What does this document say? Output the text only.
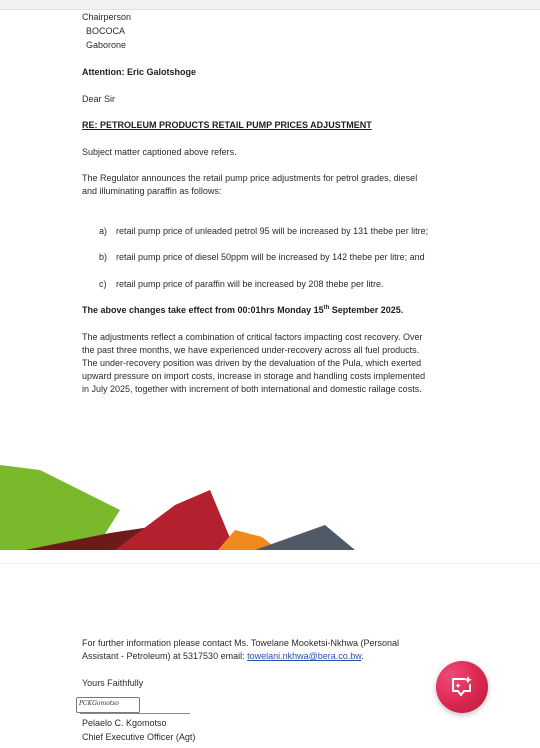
Chairperson
BOCOCA
Gaborone
Attention: Eric Galotshoge
Dear Sir
RE: PETROLEUM PRODUCTS RETAIL PUMP PRICES ADJUSTMENT
Subject matter captioned above refers.
The Regulator announces the retail pump price adjustments for petrol grades, diesel
and illuminating paraffin as follows:
a) retail pump price of unleaded petrol 95 will be increased by 131 thebe per litre;
b) retail pump price of diesel 50ppm will be increased by 142 thebe per litre; and
c) retail pump price of paraffin will be increased by 208 thebe per litre.
The above changes take effect from 00:01hrs Monday 15th September 2025.
The adjustments reflect a combination of critical factors impacting cost recovery. Over
the past three months, we have experienced under-recovery across all fuel products.
The under-recovery position was driven by the devaluation of the Pula, which exerted
upward pressure on import costs, increase in storage and handling costs implemented
in July 2025, together with increment of both international and domestic railage costs.
For further information please contact Ms. Towelane Mooketsi-Nkhwa (Personal
Assistant - Petroleum) at 5317530 email: towelani.nkhwa@bera.co.bw.
Yours Faithfully
PCKGomotso
Pelaelo C. Kgomotso
Chief Executive Officer (Agt)
